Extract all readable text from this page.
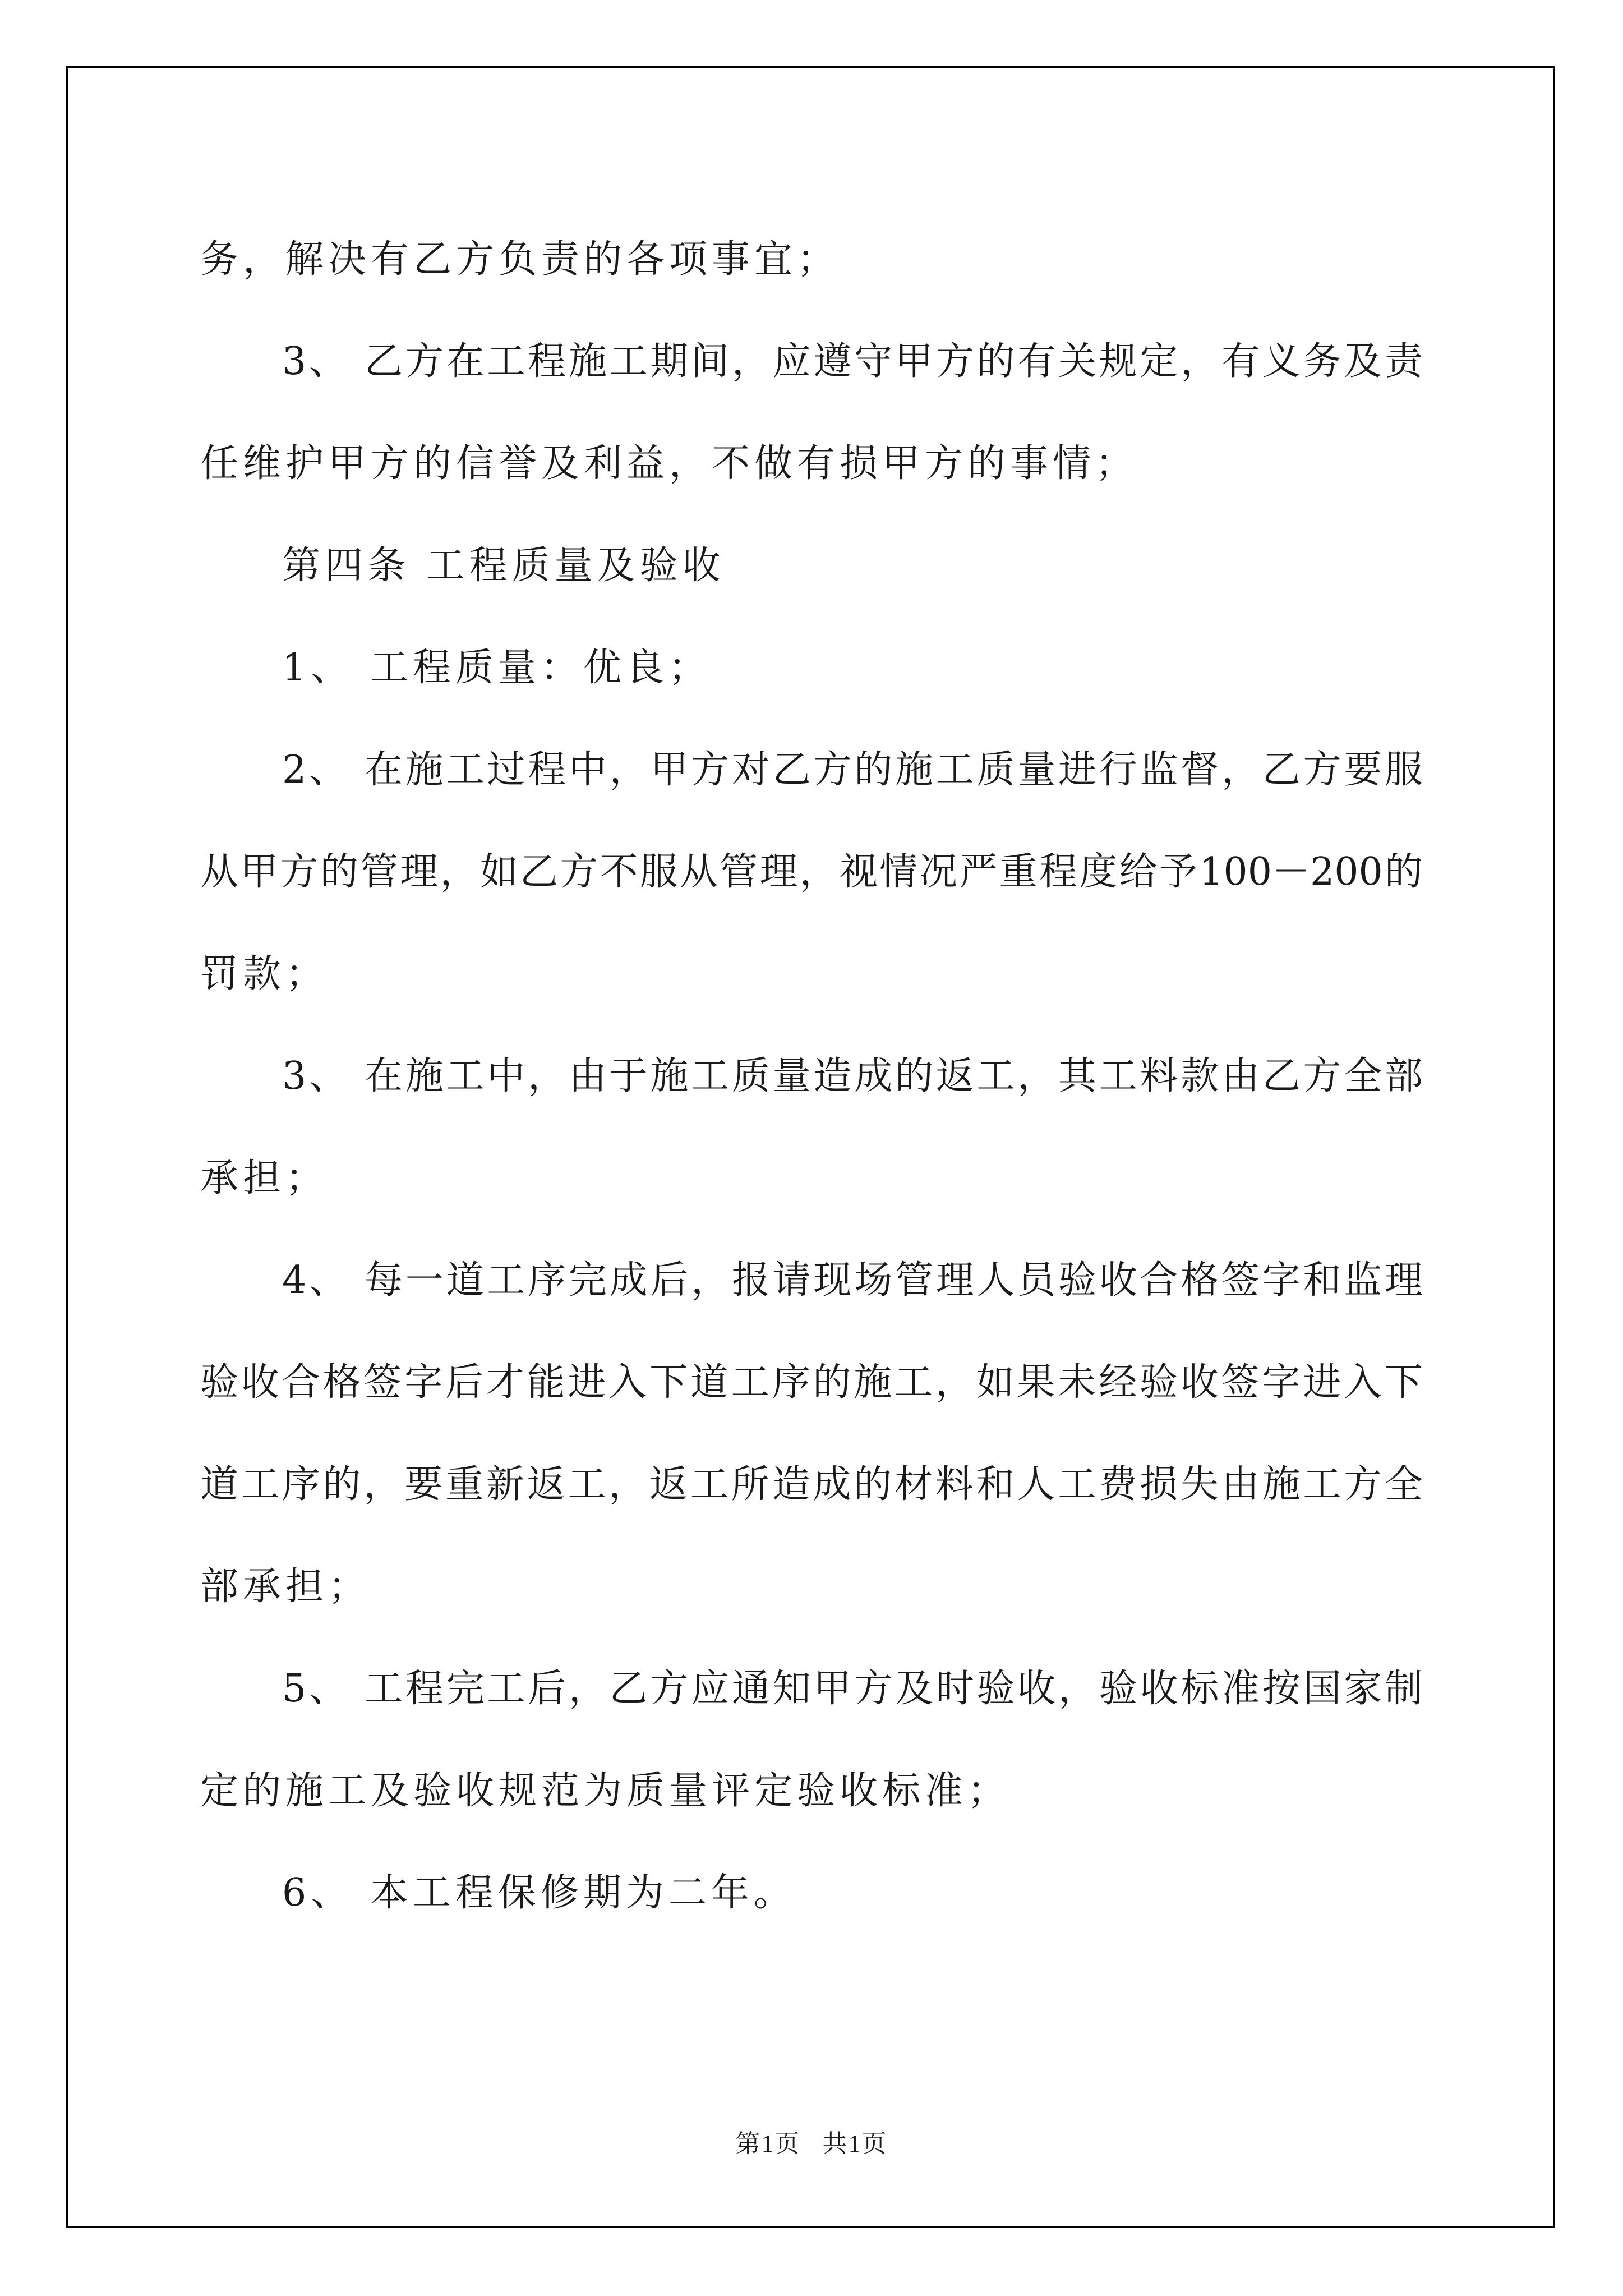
务，解决有乙方负责的各项事宜；
3、 乙方在工程施工期间，应遵守甲方的有关规定，有义务及责
任维护甲方的信誉及利益，不做有损甲方的事情；
第四条 工程质量及验收
1、 工程质量：优良；
2、 在施工过程中，甲方对乙方的施工质量进行监督，乙方要服
从甲方的管理，如乙方不服从管理，视情况严重程度给予100－200的
罚款；
3、 在施工中，由于施工质量造成的返工，其工料款由乙方全部
承担；
4、 每一道工序完成后，报请现场管理人员验收合格签字和监理
验收合格签字后才能进入下道工序的施工，如果未经验收签字进入下
道工序的，要重新返工，返工所造成的材料和人工费损失由施工方全
部承担；
5、 工程完工后，乙方应通知甲方及时验收，验收标准按国家制
定的施工及验收规范为质量评定验收标准；
6、 本工程保修期为二年。
第1页   共1页
